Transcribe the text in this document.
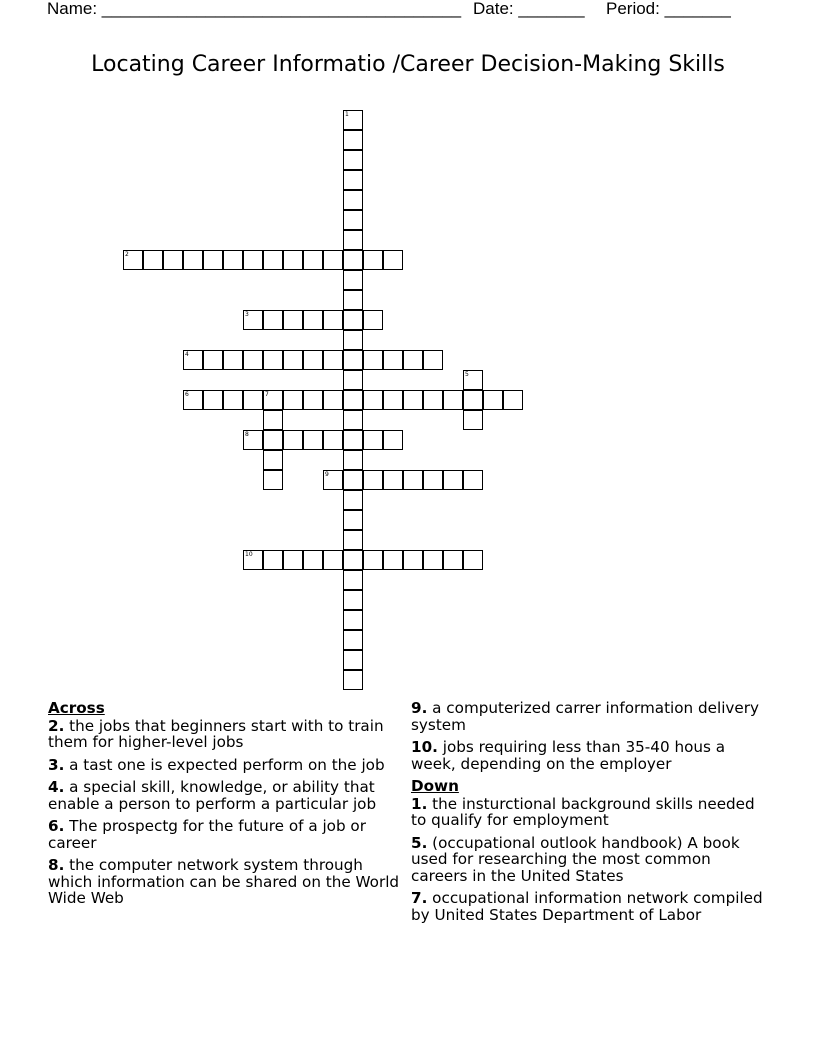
Name: ______________________________________ Date: _______ Period: _______
Locating Career Informatio /Career Decision-Making Skills
2
3
4
6	7
8
9
10
1
5
Across
2. the jobs that beginners start with to train them for higher-level jobs
3. a tast one is expected perform on the job
4. a special skill, knowledge, or ability that enable a person to perform a particular job
6. The prospectg for the future of a job or career
8. the computer network system through which information can be shared on the World Wide Web
9. a computerized carrer information delivery system
10. jobs requiring less than 35-40 hous a week, depending on the employer
Down
1. the insturctional background skills needed to qualify for employment
5. (occupational outlook handbook) A book used for researching the most common careers in the United States
7. occupational information network compiled by United States Department of Labor
